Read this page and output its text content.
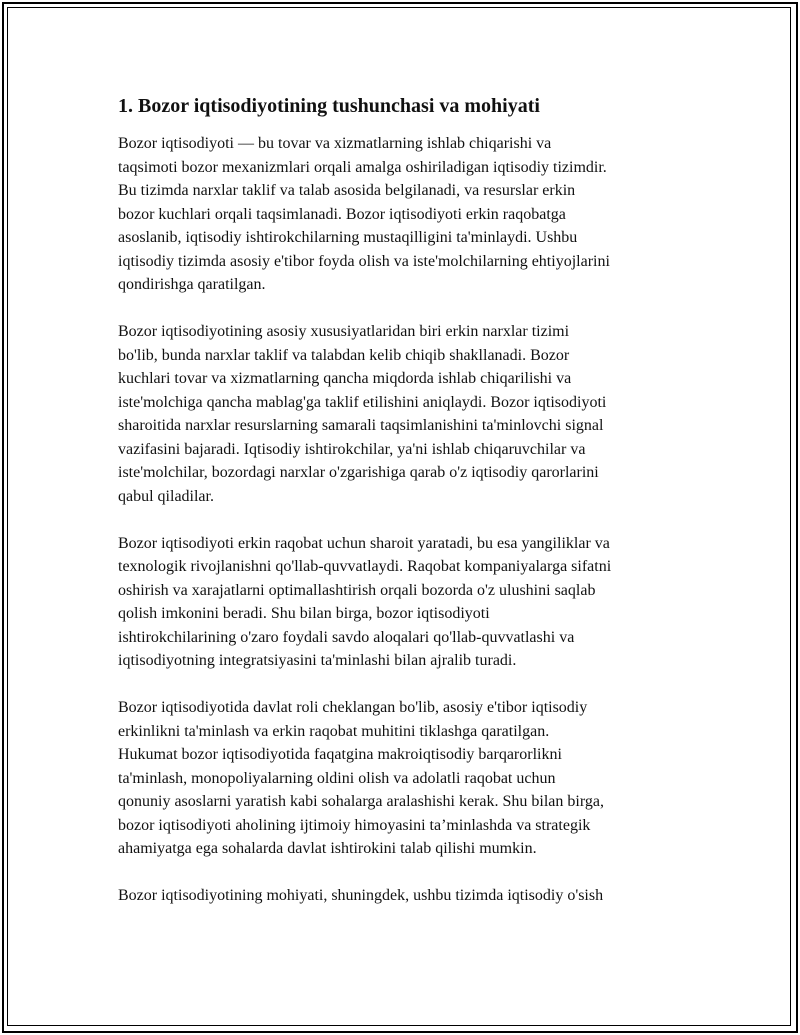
1. Bozor iqtisodiyotining tushunchasi va mohiyati

Bozor iqtisodiyoti — bu tovar va xizmatlarning ishlab chiqarishi va
taqsimoti bozor mexanizmlari orqali amalga oshiriladigan iqtisodiy tizimdir.
Bu tizimda narxlar taklif va talab asosida belgilanadi, va resurslar erkin
bozor kuchlari orqali taqsimlanadi. Bozor iqtisodiyoti erkin raqobatga
asoslanib, iqtisodiy ishtirokchilarning mustaqilligini ta'minlaydi. Ushbu
iqtisodiy tizimda asosiy e'tibor foyda olish va iste'molchilarning ehtiyojlarini
qondirishga qaratilgan.

Bozor iqtisodiyotining asosiy xususiyatlaridan biri erkin narxlar tizimi
bo'lib, bunda narxlar taklif va talabdan kelib chiqib shakllanadi. Bozor
kuchlari tovar va xizmatlarning qancha miqdorda ishlab chiqarilishi va
iste'molchiga qancha mablag'ga taklif etilishini aniqlaydi. Bozor iqtisodiyoti
sharoitida narxlar resurslarning samarali taqsimlanishini ta'minlovchi signal
vazifasini bajaradi. Iqtisodiy ishtirokchilar, ya'ni ishlab chiqaruvchilar va
iste'molchilar, bozordagi narxlar o'zgarishiga qarab o'z iqtisodiy qarorlarini
qabul qiladilar.

Bozor iqtisodiyoti erkin raqobat uchun sharoit yaratadi, bu esa yangiliklar va
texnologik rivojlanishni qo'llab-quvvatlaydi. Raqobat kompaniyalarga sifatni
oshirish va xarajatlarni optimallashtirish orqali bozorda o'z ulushini saqlab
qolish imkonini beradi. Shu bilan birga, bozor iqtisodiyoti
ishtirokchilarining o'zaro foydali savdo aloqalari qo'llab-quvvatlashi va
iqtisodiyotning integratsiyasini ta'minlashi bilan ajralib turadi.

Bozor iqtisodiyotida davlat roli cheklangan bo'lib, asosiy e'tibor iqtisodiy
erkinlikni ta'minlash va erkin raqobat muhitini tiklashga qaratilgan.
Hukumat bozor iqtisodiyotida faqatgina makroiqtisodiy barqarorlikni
ta'minlash, monopoliyalarning oldini olish va adolatli raqobat uchun
qonuniy asoslarni yaratish kabi sohalarga aralashishi kerak. Shu bilan birga,
bozor iqtisodiyoti aholining ijtimoiy himoyasini ta’minlashda va strategik
ahamiyatga ega sohalarda davlat ishtirokini talab qilishi mumkin.

Bozor iqtisodiyotining mohiyati, shuningdek, ushbu tizimda iqtisodiy o'sish
